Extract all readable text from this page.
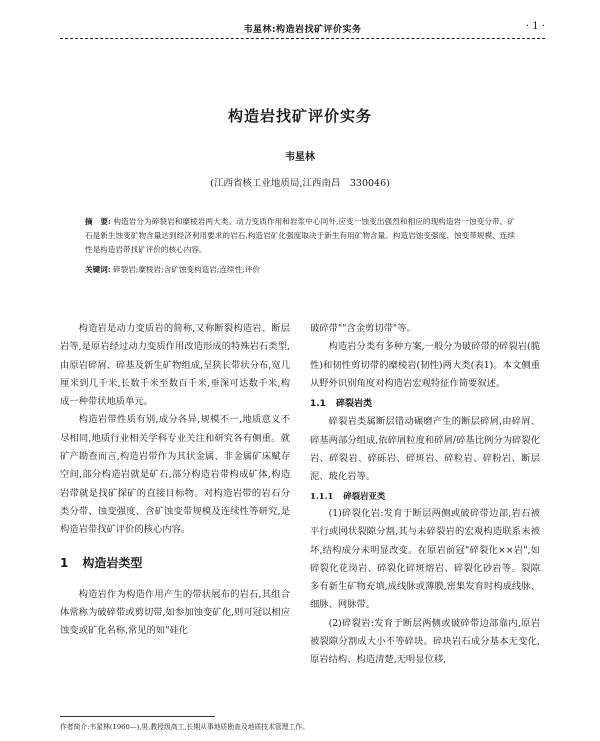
韦星林:构造岩找矿评价实务	· 1 ·
构造岩找矿评价实务
韦星林
(江西省核工业地质局,江西南昌　330046)
摘　要: 构造岩分为碎裂岩和糜棱岩两大类。动力变质作用和岩浆中心同外,应变一蚀变出强烈和相应的现构造岩一蚀变分带。矿石是新生蚀变矿物含量达到经济利用要求的岩石,构造岩矿化强度取决于新生有用矿物含量。构造岩蚀变强度、蚀变带规模、连续性是构造岩带找矿评价的核心内容。
关键词: 碎裂岩;糜棱岩;含矿蚀变构造岩;连续性;评价

构造岩是动力变质岩的简称,又称断裂构造岩、断层岩等,是原岩经过动力变质作用改造形成的特殊岩石类型,由原岩碎屑、碎基及新生矿物组成,呈狭长带状分布,宽几厘米到几千米,长数千米至数百千米,垂深可达数千米,构成一种带状地质单元。

构造岩带性质有别,成分各异,规模不一,地质意义不尽相同,地质行业相关学科专业关注和研究各有侧重。就矿产勘查而言,构造岩带作为其状金属、非金属矿床赋存空间,部分构造岩就是矿石,部分构造岩带构成矿体,构造岩带就是找矿探矿的直接目标物。对构造岩带的岩石分类分带、蚀变强度、含矿蚀变带规模及连续性等研究,是构造岩带找矿评价的核心内容。

1 构造岩类型

构造岩作为构造作用产生的带状展布的岩石,其组合体常称为破碎带或剪切带,如参加蚀变矿化,则可冠以相应蚀变或矿化名称,常见的如"硅化

破碎带""含金剪切带"等。

构造岩分类有多种方案,一般分为破碎带的碎裂岩(脆性)和韧性剪切带的糜棱岩(韧性)两大类(表1)。本文侧重从野外识别角度对构造岩宏观特征作简要叙述。

1.1 碎裂岩类

碎裂岩类属断层错动碾磨产生的断层碎屑,由碎屑、碎基两部分组成,依碎屑粒度和碎屑/碎基比例分为碎裂化岩、碎裂岩、碎砾岩、碎斑岩、碎粒岩、碎粉岩、断层泥、玻化岩等。

1.1.1 碎裂岩亚类

(1)碎裂化岩:发育于断层两侧或破碎带边部,岩石被平行或网状裂隙分割,其与未碎裂岩的宏观构造联系未被坏,结构成分未明显改变。在原岩前冠"碎裂化××岩",如碎裂化花岗岩、碎裂化碎斑熔岩、碎裂化砂岩等。裂隙多有新生矿物充填,成线脉或薄膜,密集发育时构成线脉、细脉、网脉带。

(2)碎裂岩:发育于断层两侧或破碎带边部靠内,原岩被裂隙分割成大小不等碎块。碎块岩石成分基本无变化,原岩结构、构造清楚,无明显位移,

作者简介:韦星林(1960—),男,教授级高工,长期从事地质勘查及地质技术管理工作。
